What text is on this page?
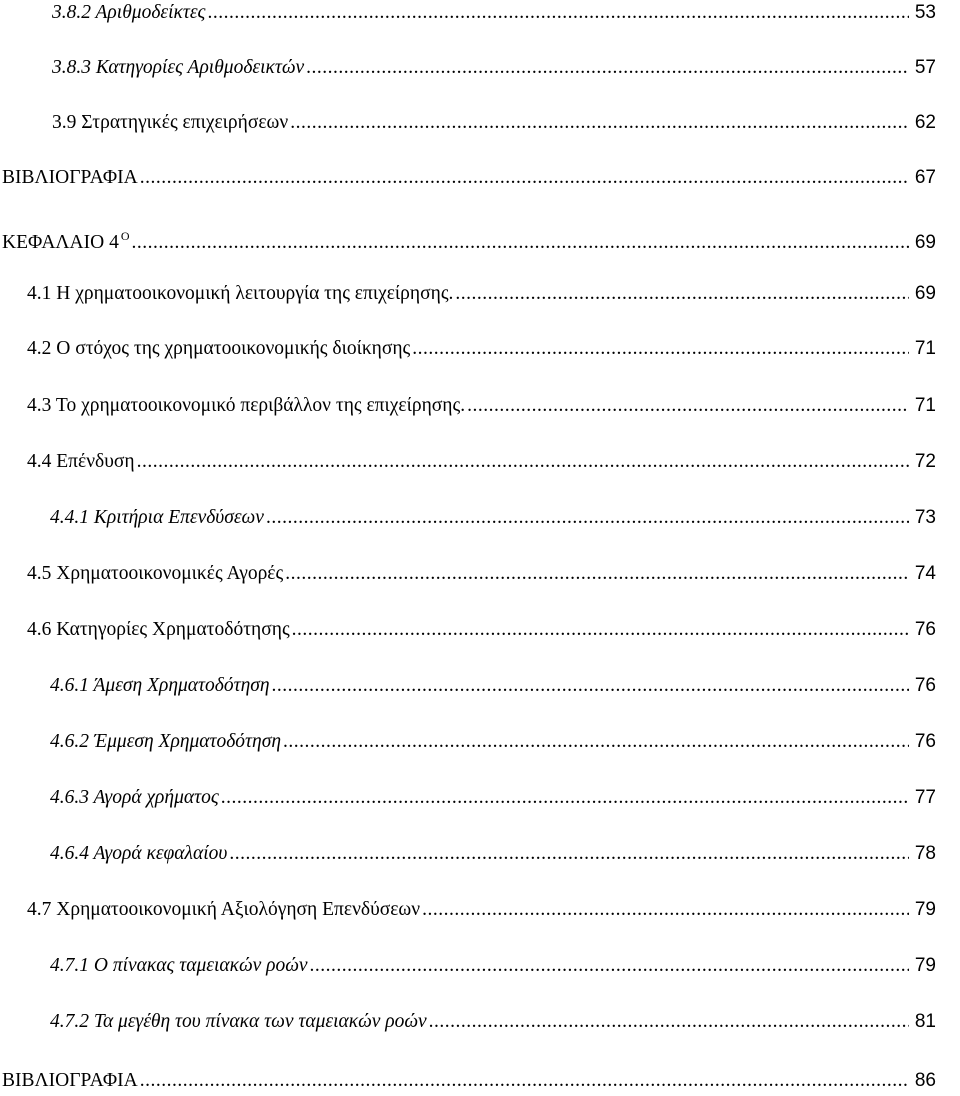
3.8.2 Αριθμοδείκτες .....	53
3.8.3 Κατηγορίες Αριθμοδεικτών .....	57
3.9 Στρατηγικές επιχειρήσεων .....	62
ΒΙΒΛΙΟΓΡΑΦΙΑ .....	67
ΚΕΦΑΛΑΙΟ 4 $^O$ .....	69
4.1 Η χρηματοοικονομική λειτουργία της επιχείρησης. .....	69
4.2 Ο στόχος της χρηματοοικονομικής διοίκησης .....	71
4.3 Το χρηματοοικονομικό περιβάλλον της επιχείρησης. .....	71
4.4 Επένδυση .....	72
4.4.1 Κριτήρια Επενδύσεων .....	73
4.5 Χρηματοοικονομικές Αγορές .....	74
4.6 Κατηγορίες Χρηματοδότησης .....	76
4.6.1 Άμεση Χρηματοδότηση .....	76
4.6.2 Έμμεση Χρηματοδότηση .....	76
4.6.3 Αγορά χρήματος .....	77
4.6.4 Αγορά κεφαλαίου .....	78
4.7 Χρηματοοικονομική Αξιολόγηση Επενδύσεων .....	79
4.7.1 Ο πίνακας ταμειακών ροών .....	79
4.7.2 Τα μεγέθη του πίνακα των ταμειακών ροών .....	81
ΒΙΒΛΙΟΓΡΑΦΙΑ .....	86
